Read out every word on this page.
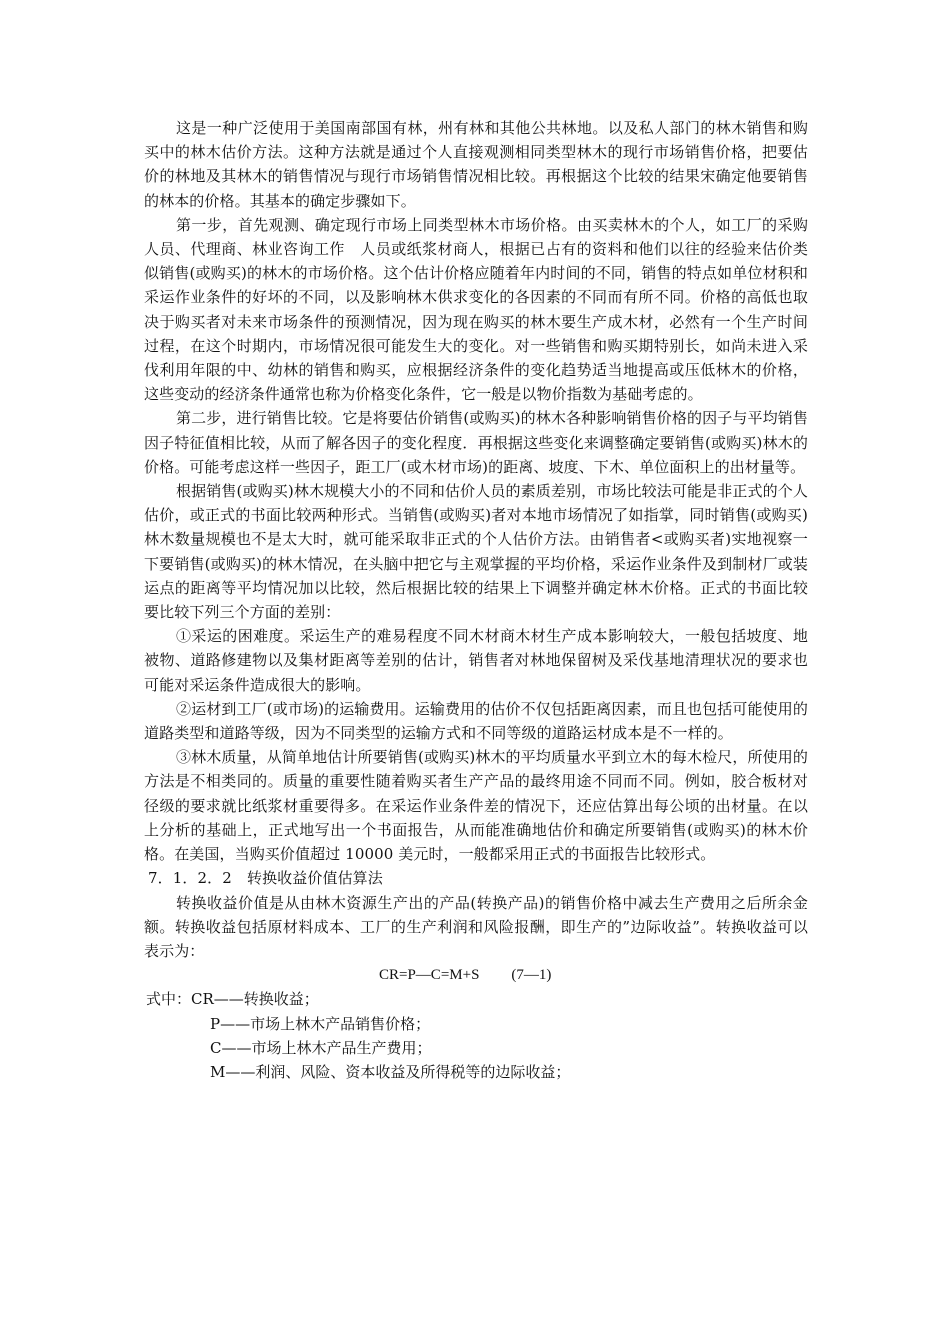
这是一种广泛使用于美国南部国有林，州有林和其他公共林地。以及私人部门的林木销售和购买中的林木估价方法。这种方法就是通过个人直接观测相同类型林木的现行市场销售价格，把要估价的林地及其林木的销售情况与现行市场销售情况相比较。再根据这个比较的结果宋确定他要销售的林本的价格。其基本的确定步骤如下。

第一步，首先观测、确定现行市场上同类型林木市场价格。由买卖林木的个人，如工厂的采购人员、代理商、林业咨询工作　人员或纸浆材商人，根据已占有的资料和他们以往的经验来估价类似销售(或购买)的林木的市场价格。这个估计价格应随着年内时间的不同，销售的特点如单位材积和采运作业条件的好坏的不同，以及影响林木供求变化的各因素的不同而有所不同。价格的高低也取决于购买者对未来市场条件的预测情况，因为现在购买的林木要生产成木材，必然有一个生产时间过程，在这个时期内，市场情况很可能发生大的变化。对一些销售和购买期特别长，如尚未进入采伐利用年限的中、幼林的销售和购买，应根据经济条件的变化趋势适当地提高或压低林木的价格，这些变动的经济条件通常也称为价格变化条件，它一般是以物价指数为基础考虑的。

第二步，进行销售比较。它是将要估价销售(或购买)的林木各种影响销售价格的因子与平均销售因子特征值相比较，从而了解各因子的变化程度．再根据这些变化来调整确定要销售(或购买)林木的价格。可能考虑这样一些因子，距工厂(或木材市场)的距离、坡度、下木、单位面积上的出材量等。

根据销售(或购买)林木规模大小的不同和估价人员的素质差别，市场比较法可能是非正式的个人估价，或正式的书面比较两种形式。当销售(或购买)者对本地市场情况了如指掌，同时销售(或购买)林木数量规模也不是太大时，就可能采取非正式的个人估价方法。由销售者<或购买者)实地视察一下要销售(或购买)的林木情况，在头脑中把它与主观掌握的平均价格，采运作业条件及到制材厂或装运点的距离等平均情况加以比较，然后根据比较的结果上下调整并确定林木价格。正式的书面比较要比较下列三个方面的差别：

①采运的困难度。采运生产的难易程度不同木材商木材生产成本影响较大，一般包括坡度、地被物、道路修建物以及集材距离等差别的估计，销售者对林地保留树及采伐基地清理状况的要求也可能对采运条件造成很大的影响。

②运材到工厂(或市场)的运输费用。运输费用的估价不仅包括距离因素，而且也包括可能使用的道路类型和道路等级，因为不同类型的运输方式和不同等级的道路运材成本是不一样的。

③林木质量，从简单地估计所要销售(或购买)林木的平均质量水平到立木的每木检尺，所使用的方法是不相类同的。质量的重要性随着购买者生产产品的最终用途不同而不同。例如，胶合板材对径级的要求就比纸浆材重要得多。在采运作业条件差的情况下，还应估算出每公顷的出材量。在以上分析的基础上，正式地写出一个书面报告，从而能准确地估价和确定所要销售(或购买)的林木价格。在美国，当购买价值超过 10000 美元时，一般都采用正式的书面报告比较形式。

7．1．2．2　转换收益价值估算法

转换收益价值是从由林木资源生产出的产品(转换产品)的销售价格中减去生产费用之后所余金额。转换收益包括原材料成本、工厂的生产利润和风险报酬，即生产的”边际收益”。转换收益可以表示为：

CR=P—C=M+S (7—1)

式中：CR——转换收益；

P——市场上林木产品销售价格；

C——市场上林木产品生产费用；

M——利润、风险、资本收益及所得税等的边际收益；
